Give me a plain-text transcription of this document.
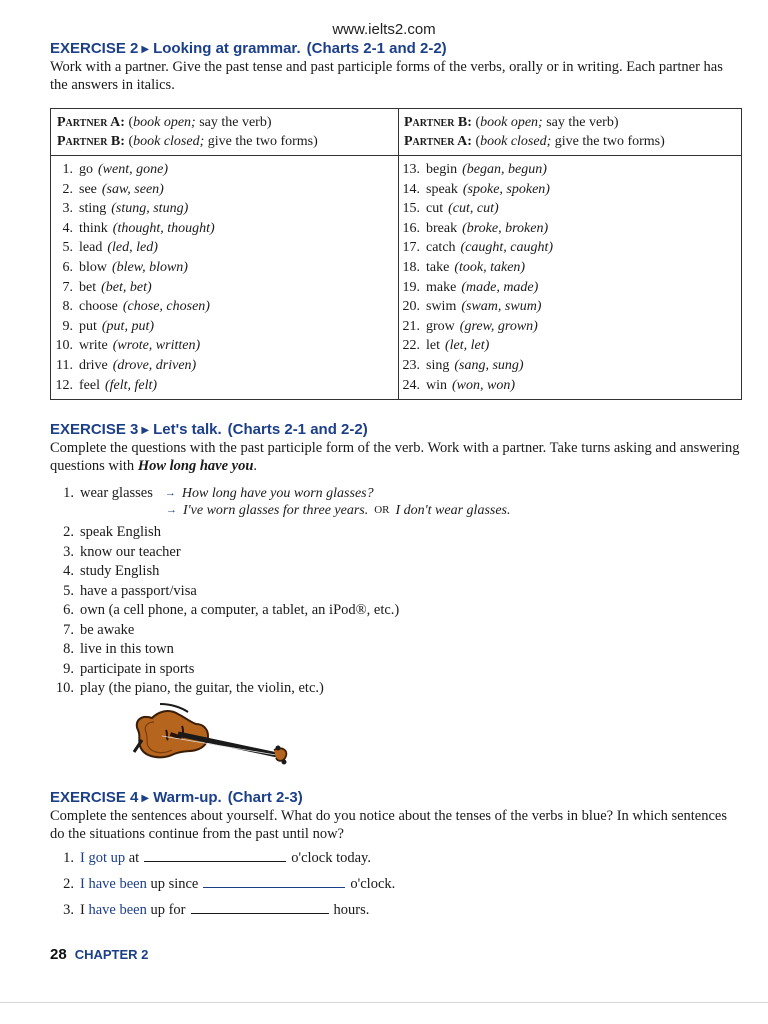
www.ielts2.com
EXERCISE 2 ▶ Looking at grammar. (Charts 2-1 and 2-2)
Work with a partner. Give the past tense and past participle forms of the verbs, orally or in writing. Each partner has the answers in italics.
Partner A: (book open; say the verb)
Partner B: (book closed; give the two forms)
Partner B: (book open; say the verb)
Partner A: (book closed; give the two forms)
1. go (went, gone)
2. see (saw, seen)
3. sting (stung, stung)
4. think (thought, thought)
5. lead (led, led)
6. blow (blew, blown)
7. bet (bet, bet)
8. choose (chose, chosen)
9. put (put, put)
10. write (wrote, written)
11. drive (drove, driven)
12. feel (felt, felt)
13. begin (began, begun)
14. speak (spoke, spoken)
15. cut (cut, cut)
16. break (broke, broken)
17. catch (caught, caught)
18. take (took, taken)
19. make (made, made)
20. swim (swam, swum)
21. grow (grew, grown)
22. let (let, let)
23. sing (sang, sung)
24. win (won, won)
EXERCISE 3 ▶ Let's talk. (Charts 2-1 and 2-2)
Complete the questions with the past participle form of the verb. Work with a partner. Take turns asking and answering questions with How long have you.
1. wear glasses → How long have you worn glasses?
→ I've worn glasses for three years. OR I don't wear glasses.
2. speak English
3. know our teacher
4. study English
5. have a passport/visa
6. own (a cell phone, a computer, a tablet, an iPod®, etc.)
7. be awake
8. live in this town
9. participate in sports
10. play (the piano, the guitar, the violin, etc.)
EXERCISE 4 ▶ Warm-up. (Chart 2-3)
Complete the sentences about yourself. What do you notice about the tenses of the verbs in blue? In which sentences do the situations continue from the past until now?
1. I got up
at	o'clock today.
2. I have been
up since	o'clock.
3. I
have been
up for	hours.
28 CHAPTER 2
